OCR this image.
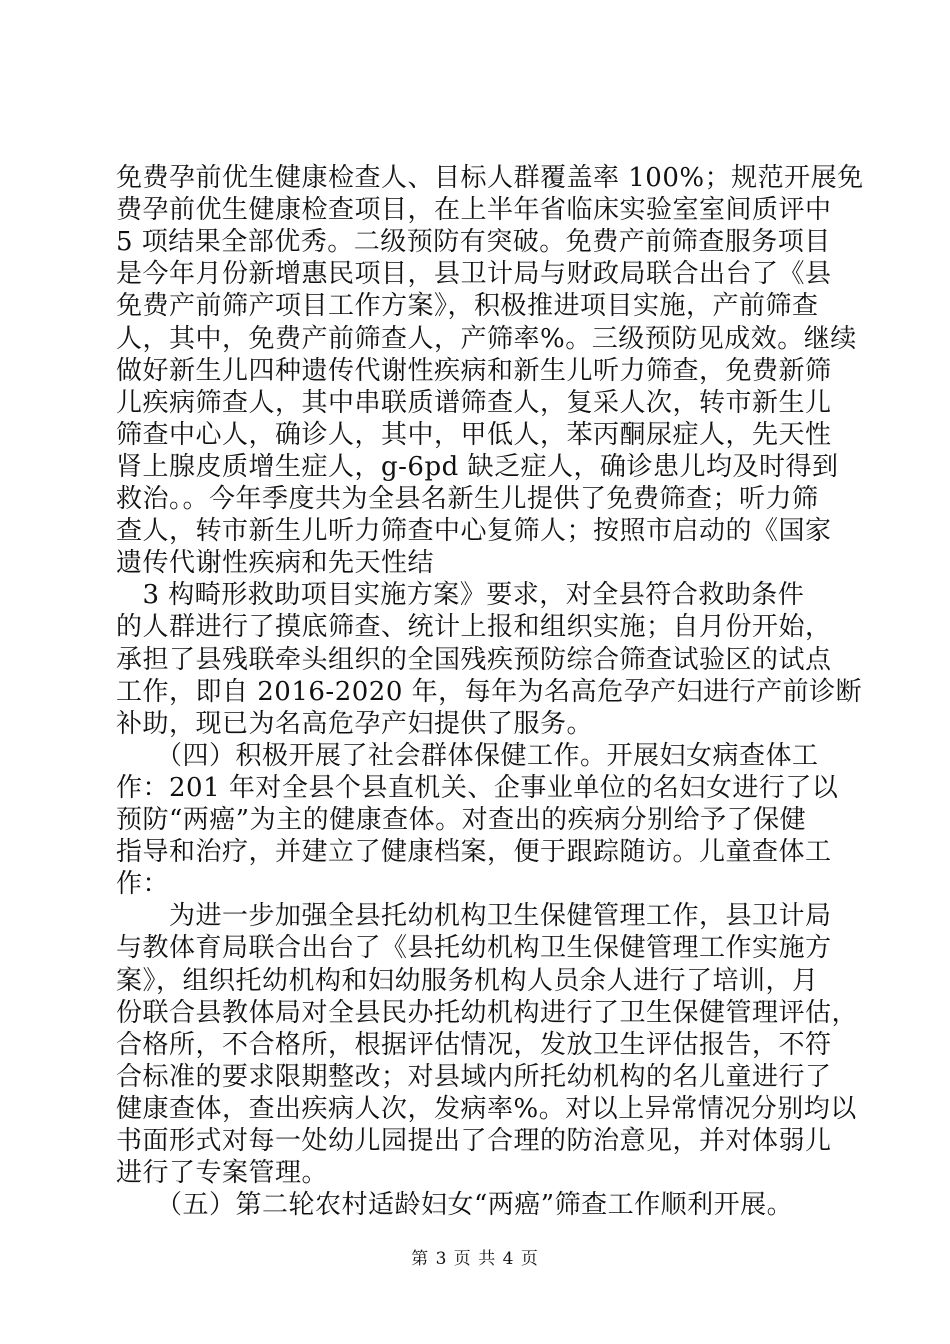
免费孕前优生健康检查人、目标人群覆盖率 100%；规范开展免
费孕前优生健康检查项目，在上半年省临床实验室室间质评中
5 项结果全部优秀。二级预防有突破。免费产前筛查服务项目
是今年月份新增惠民项目，县卫计局与财政局联合出台了《县
免费产前筛产项目工作方案》，积极推进项目实施，产前筛查
人，其中，免费产前筛查人，产筛率%。三级预防见成效。继续
做好新生儿四种遗传代谢性疾病和新生儿听力筛查，免费新筛
儿疾病筛查人，其中串联质谱筛查人，复采人次，转市新生儿
筛查中心人，确诊人，其中，甲低人，苯丙酮尿症人，先天性
肾上腺皮质增生症人，g-6pd 缺乏症人，确诊患儿均及时得到
救治。。今年季度共为全县名新生儿提供了免费筛查；听力筛
查人，转市新生儿听力筛查中心复筛人；按照市启动的《国家
遗传代谢性疾病和先天性结
　3 构畸形救助项目实施方案》要求，对全县符合救助条件
的人群进行了摸底筛查、统计上报和组织实施；自月份开始，
承担了县残联牵头组织的全国残疾预防综合筛查试验区的试点
工作，即自 2016-2020 年，每年为名高危孕产妇进行产前诊断
补助，现已为名高危孕产妇提供了服务。
　　（四）积极开展了社会群体保健工作。开展妇女病查体工
作：201 年对全县个县直机关、企事业单位的名妇女进行了以
预防“两癌”为主的健康查体。对查出的疾病分别给予了保健
指导和治疗，并建立了健康档案，便于跟踪随访。儿童查体工
作：
　　为进一步加强全县托幼机构卫生保健管理工作，县卫计局
与教体育局联合出台了《县托幼机构卫生保健管理工作实施方
案》，组织托幼机构和妇幼服务机构人员余人进行了培训，月
份联合县教体局对全县民办托幼机构进行了卫生保健管理评估，
合格所，不合格所，根据评估情况，发放卫生评估报告，不符
合标准的要求限期整改；对县域内所托幼机构的名儿童进行了
健康查体，查出疾病人次，发病率%。对以上异常情况分别均以
书面形式对每一处幼儿园提出了合理的防治意见，并对体弱儿
进行了专案管理。
　　（五）第二轮农村适龄妇女“两癌”筛查工作顺利开展。
第 3 页 共 4 页
